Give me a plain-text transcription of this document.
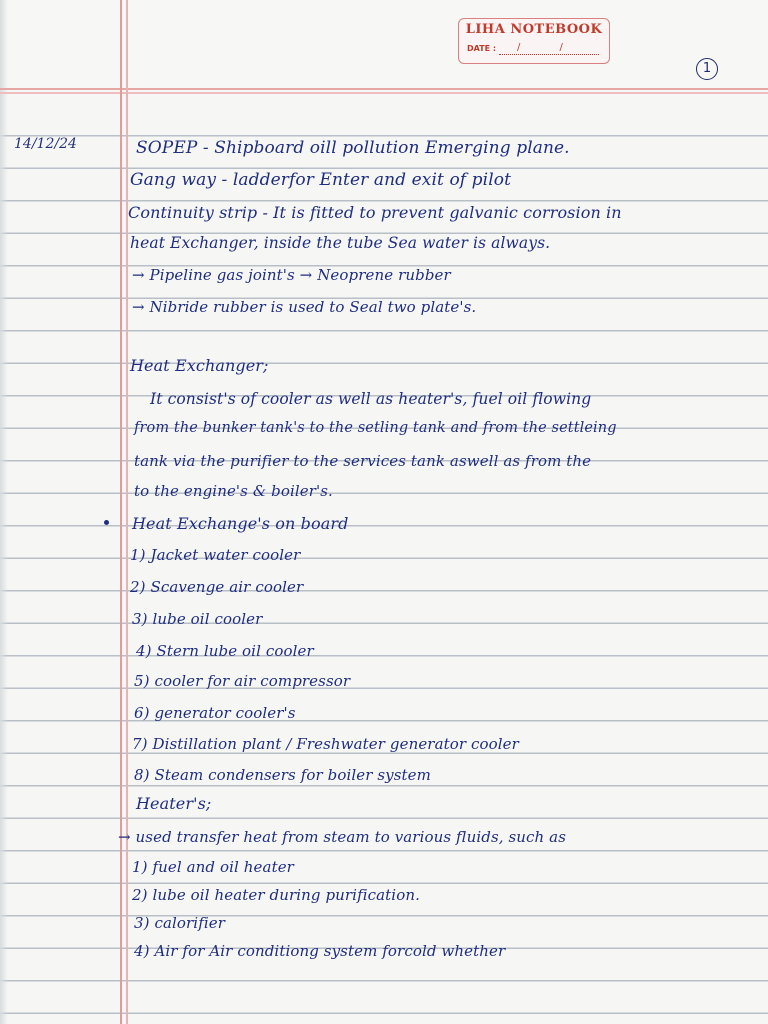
LIHA NOTEBOOK
DATE : / /
1
14/12/24	SOPEP - Shipboard oill pollution Emerging plane.
Gang way - ladderfor Enter and exit of pilot
Continuity strip - It is fitted to prevent galvanic corrosion in
heat Exchanger, inside the tube Sea water is always.
→ Pipeline gas joint's → Neoprene rubber
→ Nibride rubber is used to Seal two plate's.
Heat Exchanger;
It consist's of cooler as well as heater's, fuel oil flowing
from the bunker tank's to the setling tank and from the settleing
tank via the purifier to the services tank aswell as from the
to the engine's & boiler's.
Heat Exchange's on board
1) Jacket water cooler
2) Scavenge air cooler
3) lube oil cooler
4) Stern lube oil cooler
5) cooler for air compressor
6) generator cooler's
7) Distillation plant / Freshwater generator cooler
8) Steam condensers for boiler system
Heater's;
→ used transfer heat from steam to various fluids, such as
1) fuel and oil heater
2) lube oil heater during purification.
3) calorifier
4) Air for Air conditiong system forcold whether
